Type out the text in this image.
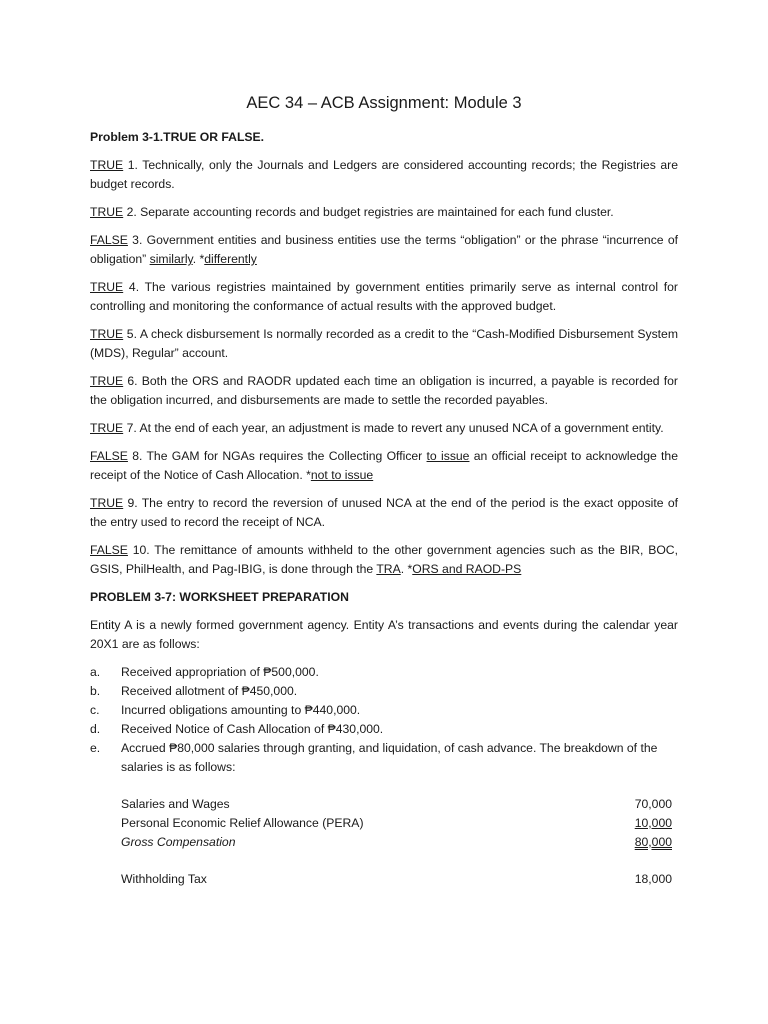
AEC 34 – ACB Assignment: Module 3
Problem 3-1.TRUE OR FALSE.
TRUE 1. Technically, only the Journals and Ledgers are considered accounting records; the Registries are budget records.
TRUE 2. Separate accounting records and budget registries are maintained for each fund cluster.
FALSE 3. Government entities and business entities use the terms “obligation” or the phrase “incurrence of obligation” similarly. *differently
TRUE 4. The various registries maintained by government entities primarily serve as internal control for controlling and monitoring the conformance of actual results with the approved budget.
TRUE 5. A check disbursement Is normally recorded as a credit to the “Cash-Modified Disbursement System (MDS), Regular” account.
TRUE 6. Both the ORS and RAODR updated each time an obligation is incurred, a payable is recorded for the obligation incurred, and disbursements are made to settle the recorded payables.
TRUE 7. At the end of each year, an adjustment is made to revert any unused NCA of a government entity.
FALSE 8. The GAM for NGAs requires the Collecting Officer to issue an official receipt to acknowledge the receipt of the Notice of Cash Allocation. *not to issue
TRUE 9. The entry to record the reversion of unused NCA at the end of the period is the exact opposite of the entry used to record the receipt of NCA.
FALSE 10. The remittance of amounts withheld to the other government agencies such as the BIR, BOC, GSIS, PhilHealth, and Pag-IBIG, is done through the TRA. *ORS and RAOD-PS
PROBLEM 3-7: WORKSHEET PREPARATION
Entity A is a newly formed government agency. Entity A’s transactions and events during the calendar year 20X1 are as follows:
a.	Received appropriation of ₱500,000.
b.	Received allotment of ₱450,000.
c.	Incurred obligations amounting to ₱440,000.
d.	Received Notice of Cash Allocation of ₱430,000.
e.	Accrued ₱80,000 salaries through granting, and liquidation, of cash advance. The breakdown of the salaries is as follows:
Salaries and Wages	70,000
Personal Economic Relief Allowance (PERA)	10,000
Gross Compensation	80,000
Withholding Tax	18,000
